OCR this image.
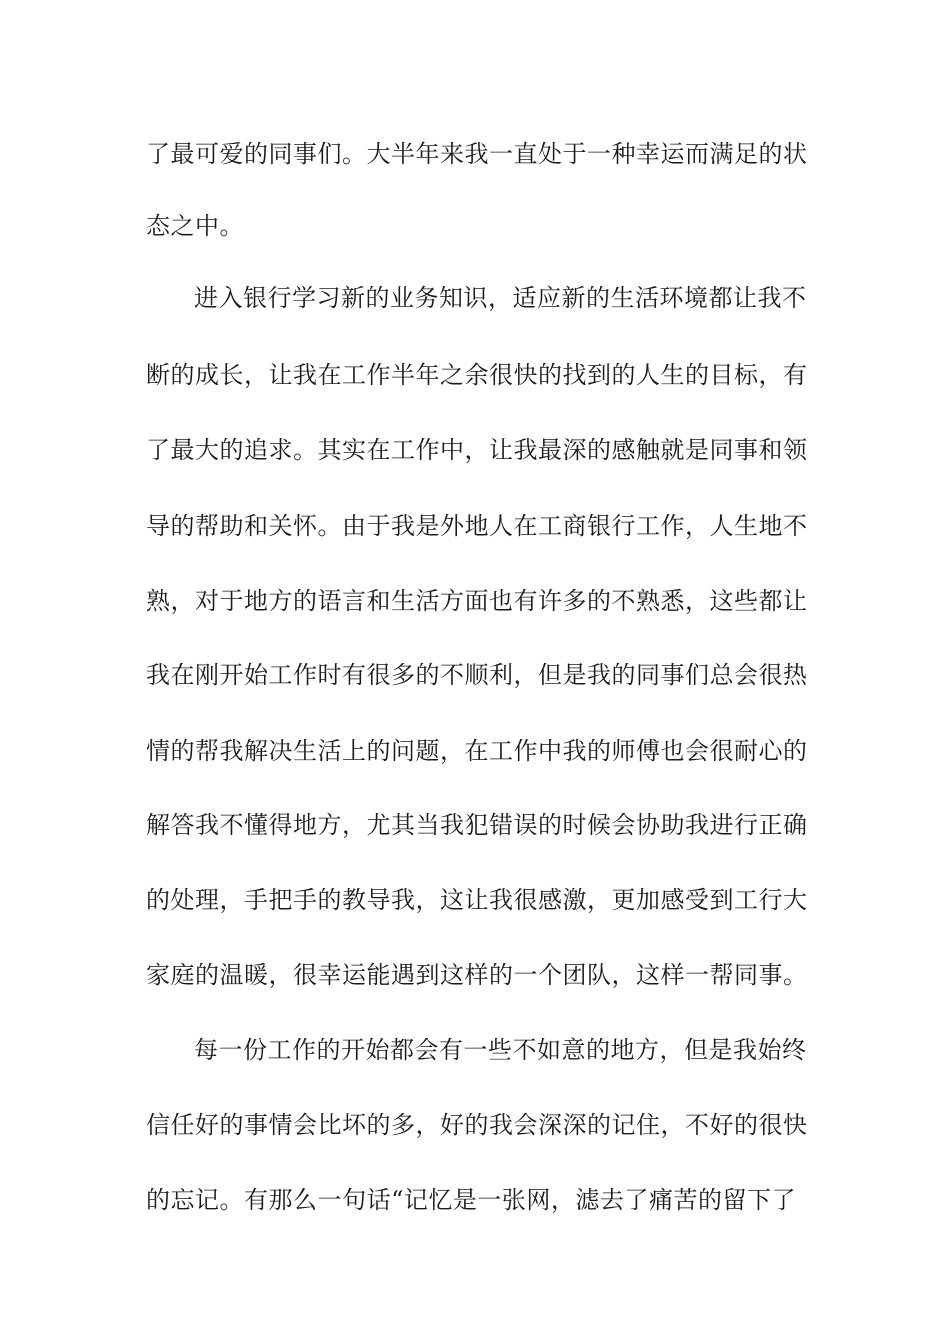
了最可爱的同事们。大半年来我一直处于一种幸运而满足的状
态之中。
进入银行学习新的业务知识，适应新的生活环境都让我不
断的成长，让我在工作半年之余很快的找到的人生的目标，有
了最大的追求。其实在工作中，让我最深的感触就是同事和领
导的帮助和关怀。由于我是外地人在工商银行工作，人生地不
熟，对于地方的语言和生活方面也有许多的不熟悉，这些都让
我在刚开始工作时有很多的不顺利，但是我的同事们总会很热
情的帮我解决生活上的问题，在工作中我的师傅也会很耐心的
解答我不懂得地方，尤其当我犯错误的时候会协助我进行正确
的处理，手把手的教导我，这让我很感激，更加感受到工行大
家庭的温暖，很幸运能遇到这样的一个团队，这样一帮同事。
每一份工作的开始都会有一些不如意的地方，但是我始终
信任好的事情会比坏的多，好的我会深深的记住，不好的很快
的忘记。有那么一句话“记忆是一张网，滤去了痛苦的留下了
